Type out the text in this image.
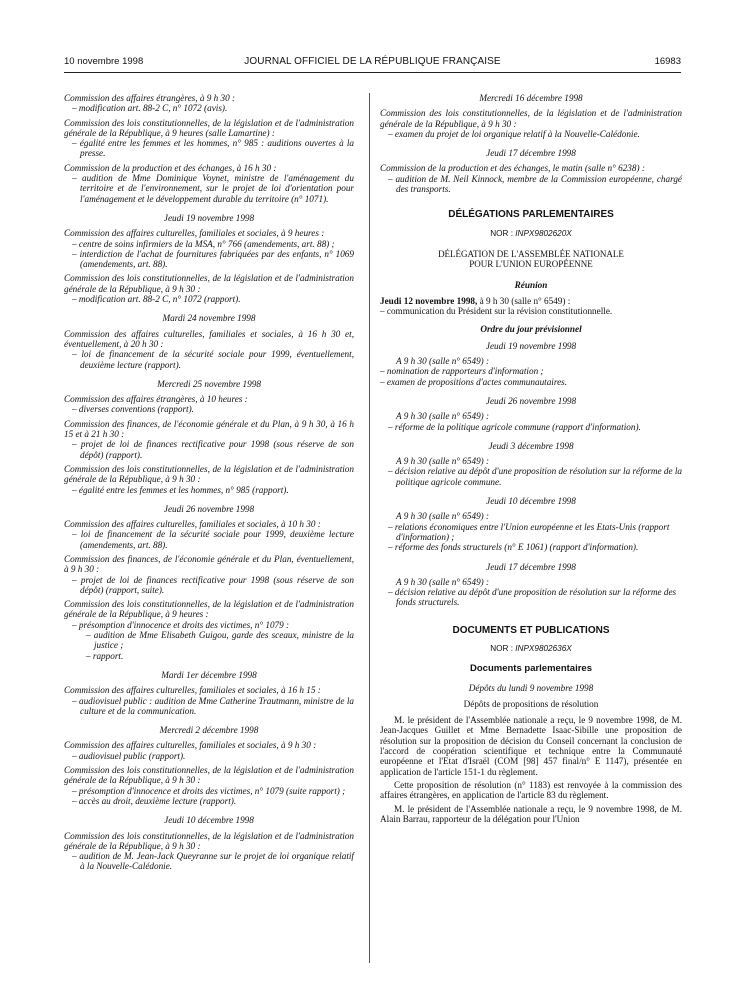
10 novembre 1998	JOURNAL OFFICIEL DE LA RÉPUBLIQUE FRANÇAISE	16983

Commission des affaires étrangères, à 9 h 30 :

– modification art. 88-2 C, n° 1072 (avis).

Commission des lois constitutionnelles, de la législation et de l'administration générale de la République, à 9 heures (salle Lamartine) :

– égalité entre les femmes et les hommes, n° 985 : auditions ouvertes à la presse.

Commission de la production et des échanges, à 16 h 30 :

– audition de Mme Dominique Voynet, ministre de l'aménagement du territoire et de l'environnement, sur le projet de loi d'orientation pour l'aménagement et le développement durable du territoire (n° 1071).

Jeudi 19 novembre 1998

Commission des affaires culturelles, familiales et sociales, à 9 heures :

– centre de soins infirmiers de la MSA, n° 766 (amendements, art. 88) ;

– interdiction de l'achat de fournitures fabriquées par des enfants, n° 1069 (amendements, art. 88).

Commission des lois constitutionnelles, de la législation et de l'administration générale de la République, à 9 h 30 :

– modification art. 88-2 C, n° 1072 (rapport).

Mardi 24 novembre 1998

Commission des affaires culturelles, familiales et sociales, à 16 h 30 et, éventuellement, à 20 h 30 :

– loi de financement de la sécurité sociale pour 1999, éventuellement, deuxième lecture (rapport).

Mercredi 25 novembre 1998

Commission des affaires étrangères, à 10 heures :

– diverses conventions (rapport).

Commission des finances, de l'économie générale et du Plan, à 9 h 30, à 16 h 15 et à 21 h 30 :

– projet de loi de finances rectificative pour 1998 (sous réserve de son dépôt) (rapport).

Commission des lois constitutionnelles, de la législation et de l'administration générale de la République, à 9 h 30 :

– égalité entre les femmes et les hommes, n° 985 (rapport).

Jeudi 26 novembre 1998

Commission des affaires culturelles, familiales et sociales, à 10 h 30 :

– loi de financement de la sécurité sociale pour 1999, deuxième lecture (amendements, art. 88).

Commission des finances, de l'économie générale et du Plan, éventuellement, à 9 h 30 :

– projet de loi de finances rectificative pour 1998 (sous réserve de son dépôt) (rapport, suite).

Commission des lois constitutionnelles, de la législation et de l'administration générale de la République, à 9 heures :

– présomption d'innocence et droits des victimes, n° 1079 :

– audition de Mme Elisabeth Guigou, garde des sceaux, ministre de la justice ;

– rapport.

Mardi 1er décembre 1998

Commission des affaires culturelles, familiales et sociales, à 16 h 15 :

– audiovisuel public : audition de Mme Catherine Trautmann, ministre de la culture et de la communication.

Mercredi 2 décembre 1998

Commission des affaires culturelles, familiales et sociales, à 9 h 30 :

– audiovisuel public (rapport).

Commission des lois constitutionnelles, de la législation et de l'administration générale de la République, à 9 h 30 :

– présomption d'innocence et droits des victimes, n° 1079 (suite rapport) ;

– accès au droit, deuxième lecture (rapport).

Jeudi 10 décembre 1998

Commission des lois constitutionnelles, de la législation et de l'administration générale de la République, à 9 h 30 :

– audition de M. Jean-Jack Queyranne sur le projet de loi organique relatif à la Nouvelle-Calédonie.

Mercredi 16 décembre 1998

Commission des lois constitutionnelles, de la législation et de l'administration générale de la République, à 9 h 30 :

– examen du projet de loi organique relatif à la Nouvelle-Calédonie.

Jeudi 17 décembre 1998

Commission de la production et des échanges, le matin (salle n° 6238) :

– audition de M. Neil Kinnock, membre de la Commission européenne, chargé des transports.

DÉLÉGATIONS PARLEMENTAIRES

NOR : INPX9802620X

DÉLÉGATION DE L'ASSEMBLÉE NATIONALE
POUR L'UNION EUROPÉENNE

Réunion

Jeudi 12 novembre 1998, à 9 h 30 (salle n° 6549) :

– communication du Président sur la révision constitutionnelle.

Ordre du jour prévisionnel

Jeudi 19 novembre 1998

A 9 h 30 (salle n° 6549) :

– nomination de rapporteurs d'information ;

– examen de propositions d'actes communautaires.

Jeudi 26 novembre 1998

A 9 h 30 (salle n° 6549) :

– réforme de la politique agricole commune (rapport d'information).

Jeudi 3 décembre 1998

A 9 h 30 (salle n° 6549) :

– décision relative au dépôt d'une proposition de résolution sur la réforme de la politique agricole commune.

Jeudi 10 décembre 1998

A 9 h 30 (salle n° 6549) :

– relations économiques entre l'Union européenne et les Etats-Unis (rapport d'information) ;

– réforme des fonds structurels (n° E 1061) (rapport d'information).

Jeudi 17 décembre 1998

A 9 h 30 (salle n° 6549) :

– décision relative au dépôt d'une proposition de résolution sur la réforme des fonds structurels.

DOCUMENTS ET PUBLICATIONS

NOR : INPX9802636X

Documents parlementaires

Dépôts du lundi 9 novembre 1998

Dépôts de propositions de résolution

M. le président de l'Assemblée nationale a reçu, le 9 novembre 1998, de M. Jean-Jacques Guillet et Mme Bernadette Isaac-Sibille une proposition de résolution sur la proposition de décision du Conseil concernant la conclusion de l'accord de coopération scientifique et technique entre la Communauté européenne et l'Etat d'Israël (COM [98] 457 final/n° E 1147), présentée en application de l'article 151-1 du règlement.

Cette proposition de résolution (n° 1183) est renvoyée à la commission des affaires étrangères, en application de l'article 83 du règlement.

M. le président de l'Assemblée nationale a reçu, le 9 novembre 1998, de M. Alain Barrau, rapporteur de la délégation pour l'Union
